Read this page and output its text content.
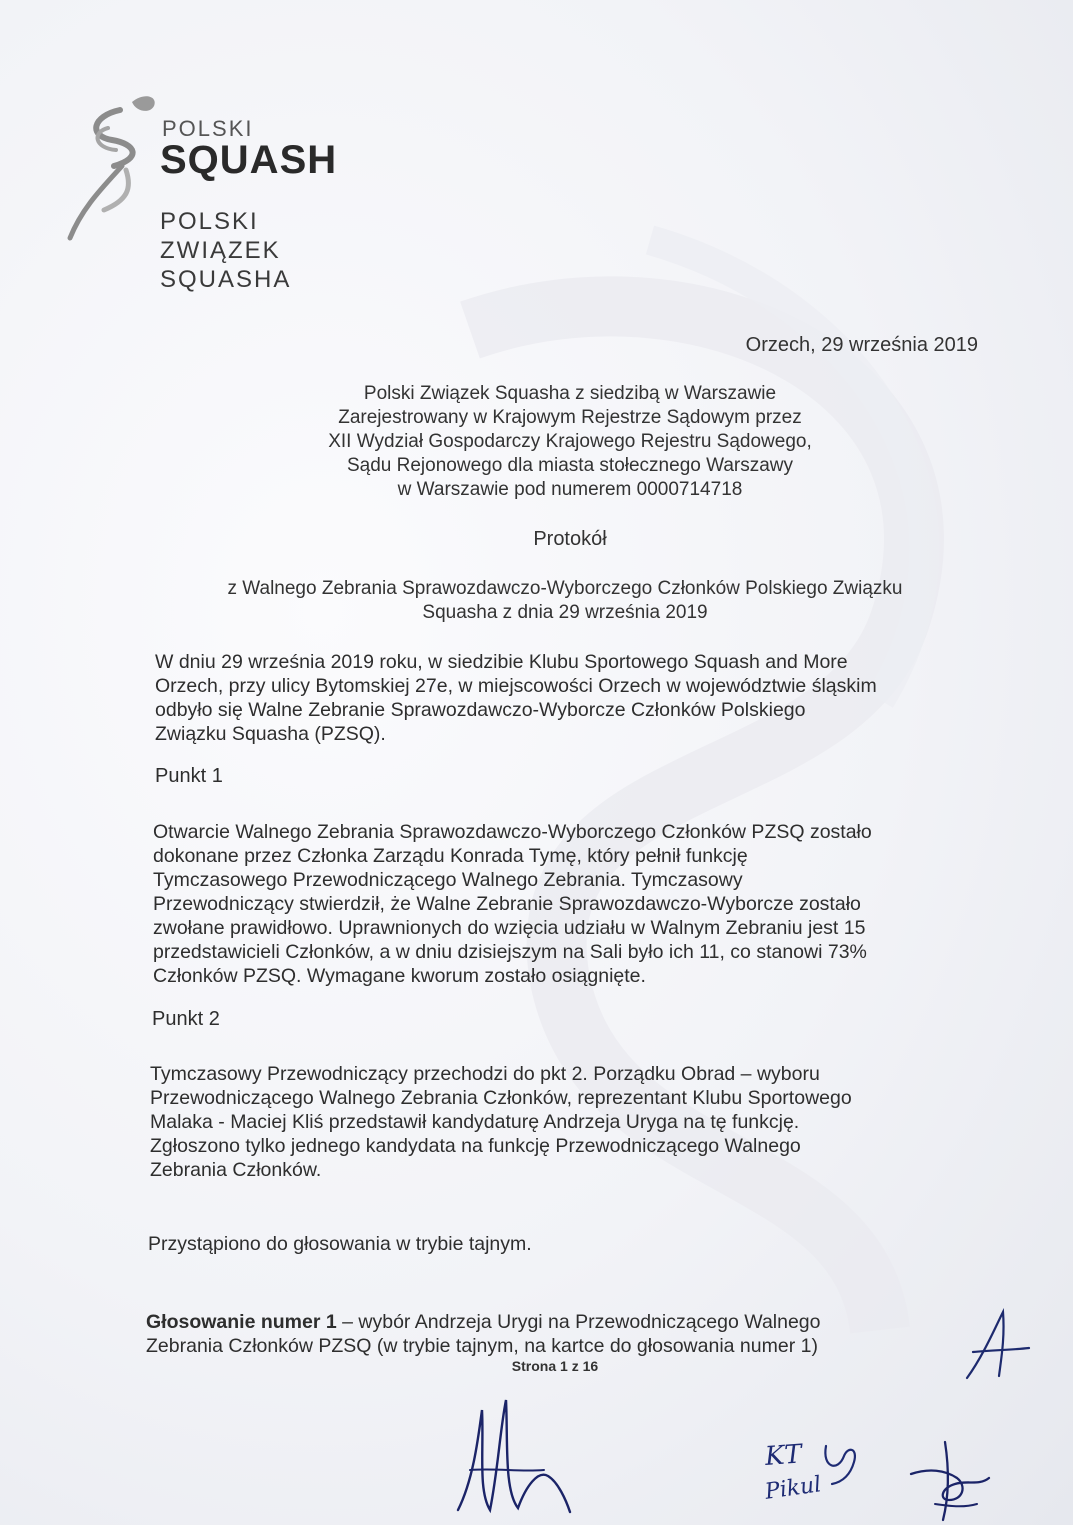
POLSKI
SQUASH
POLSKI
ZWIĄZEK
SQUASHA
Orzech, 29 września 2019
Polski Związek Squasha z siedzibą w Warszawie
Zarejestrowany w Krajowym Rejestrze Sądowym przez
XII Wydział Gospodarczy Krajowego Rejestru Sądowego,
Sądu Rejonowego dla miasta stołecznego Warszawy
w Warszawie pod numerem 0000714718
Protokół
z Walnego Zebrania Sprawozdawczo-Wyborczego Członków Polskiego Związku
Squasha z dnia 29 września 2019
W dniu 29 września 2019 roku, w siedzibie Klubu Sportowego Squash and More
Orzech, przy ulicy Bytomskiej 27e, w miejscowości Orzech w województwie śląskim
odbyło się Walne Zebranie Sprawozdawczo-Wyborcze Członków Polskiego
Związku Squasha (PZSQ).
Punkt 1
Otwarcie Walnego Zebrania Sprawozdawczo-Wyborczego Członków PZSQ zostało
dokonane przez Członka Zarządu Konrada Tymę, który pełnił funkcję
Tymczasowego Przewodniczącego Walnego Zebrania. Tymczasowy
Przewodniczący stwierdził, że Walne Zebranie Sprawozdawczo-Wyborcze zostało
zwołane prawidłowo. Uprawnionych do wzięcia udziału w Walnym Zebraniu jest 15
przedstawicieli Członków, a w dniu dzisiejszym na Sali było ich 11, co stanowi 73%
Członków PZSQ. Wymagane kworum zostało osiągnięte.
Punkt 2
Tymczasowy Przewodniczący przechodzi do pkt 2. Porządku Obrad – wyboru
Przewodniczącego Walnego Zebrania Członków, reprezentant Klubu Sportowego
Malaka - Maciej Kliś przedstawił kandydaturę Andrzeja Uryga na tę funkcję.
Zgłoszono tylko jednego kandydata na funkcję Przewodniczącego Walnego
Zebrania Członków.
Przystąpiono do głosowania w trybie tajnym.
Głosowanie numer 1 – wybór Andrzeja Urygi na Przewodniczącego Walnego
Zebrania Członków PZSQ (w trybie tajnym, na kartce do głosowania numer 1)
Strona 1 z 16
KT
Pikul
